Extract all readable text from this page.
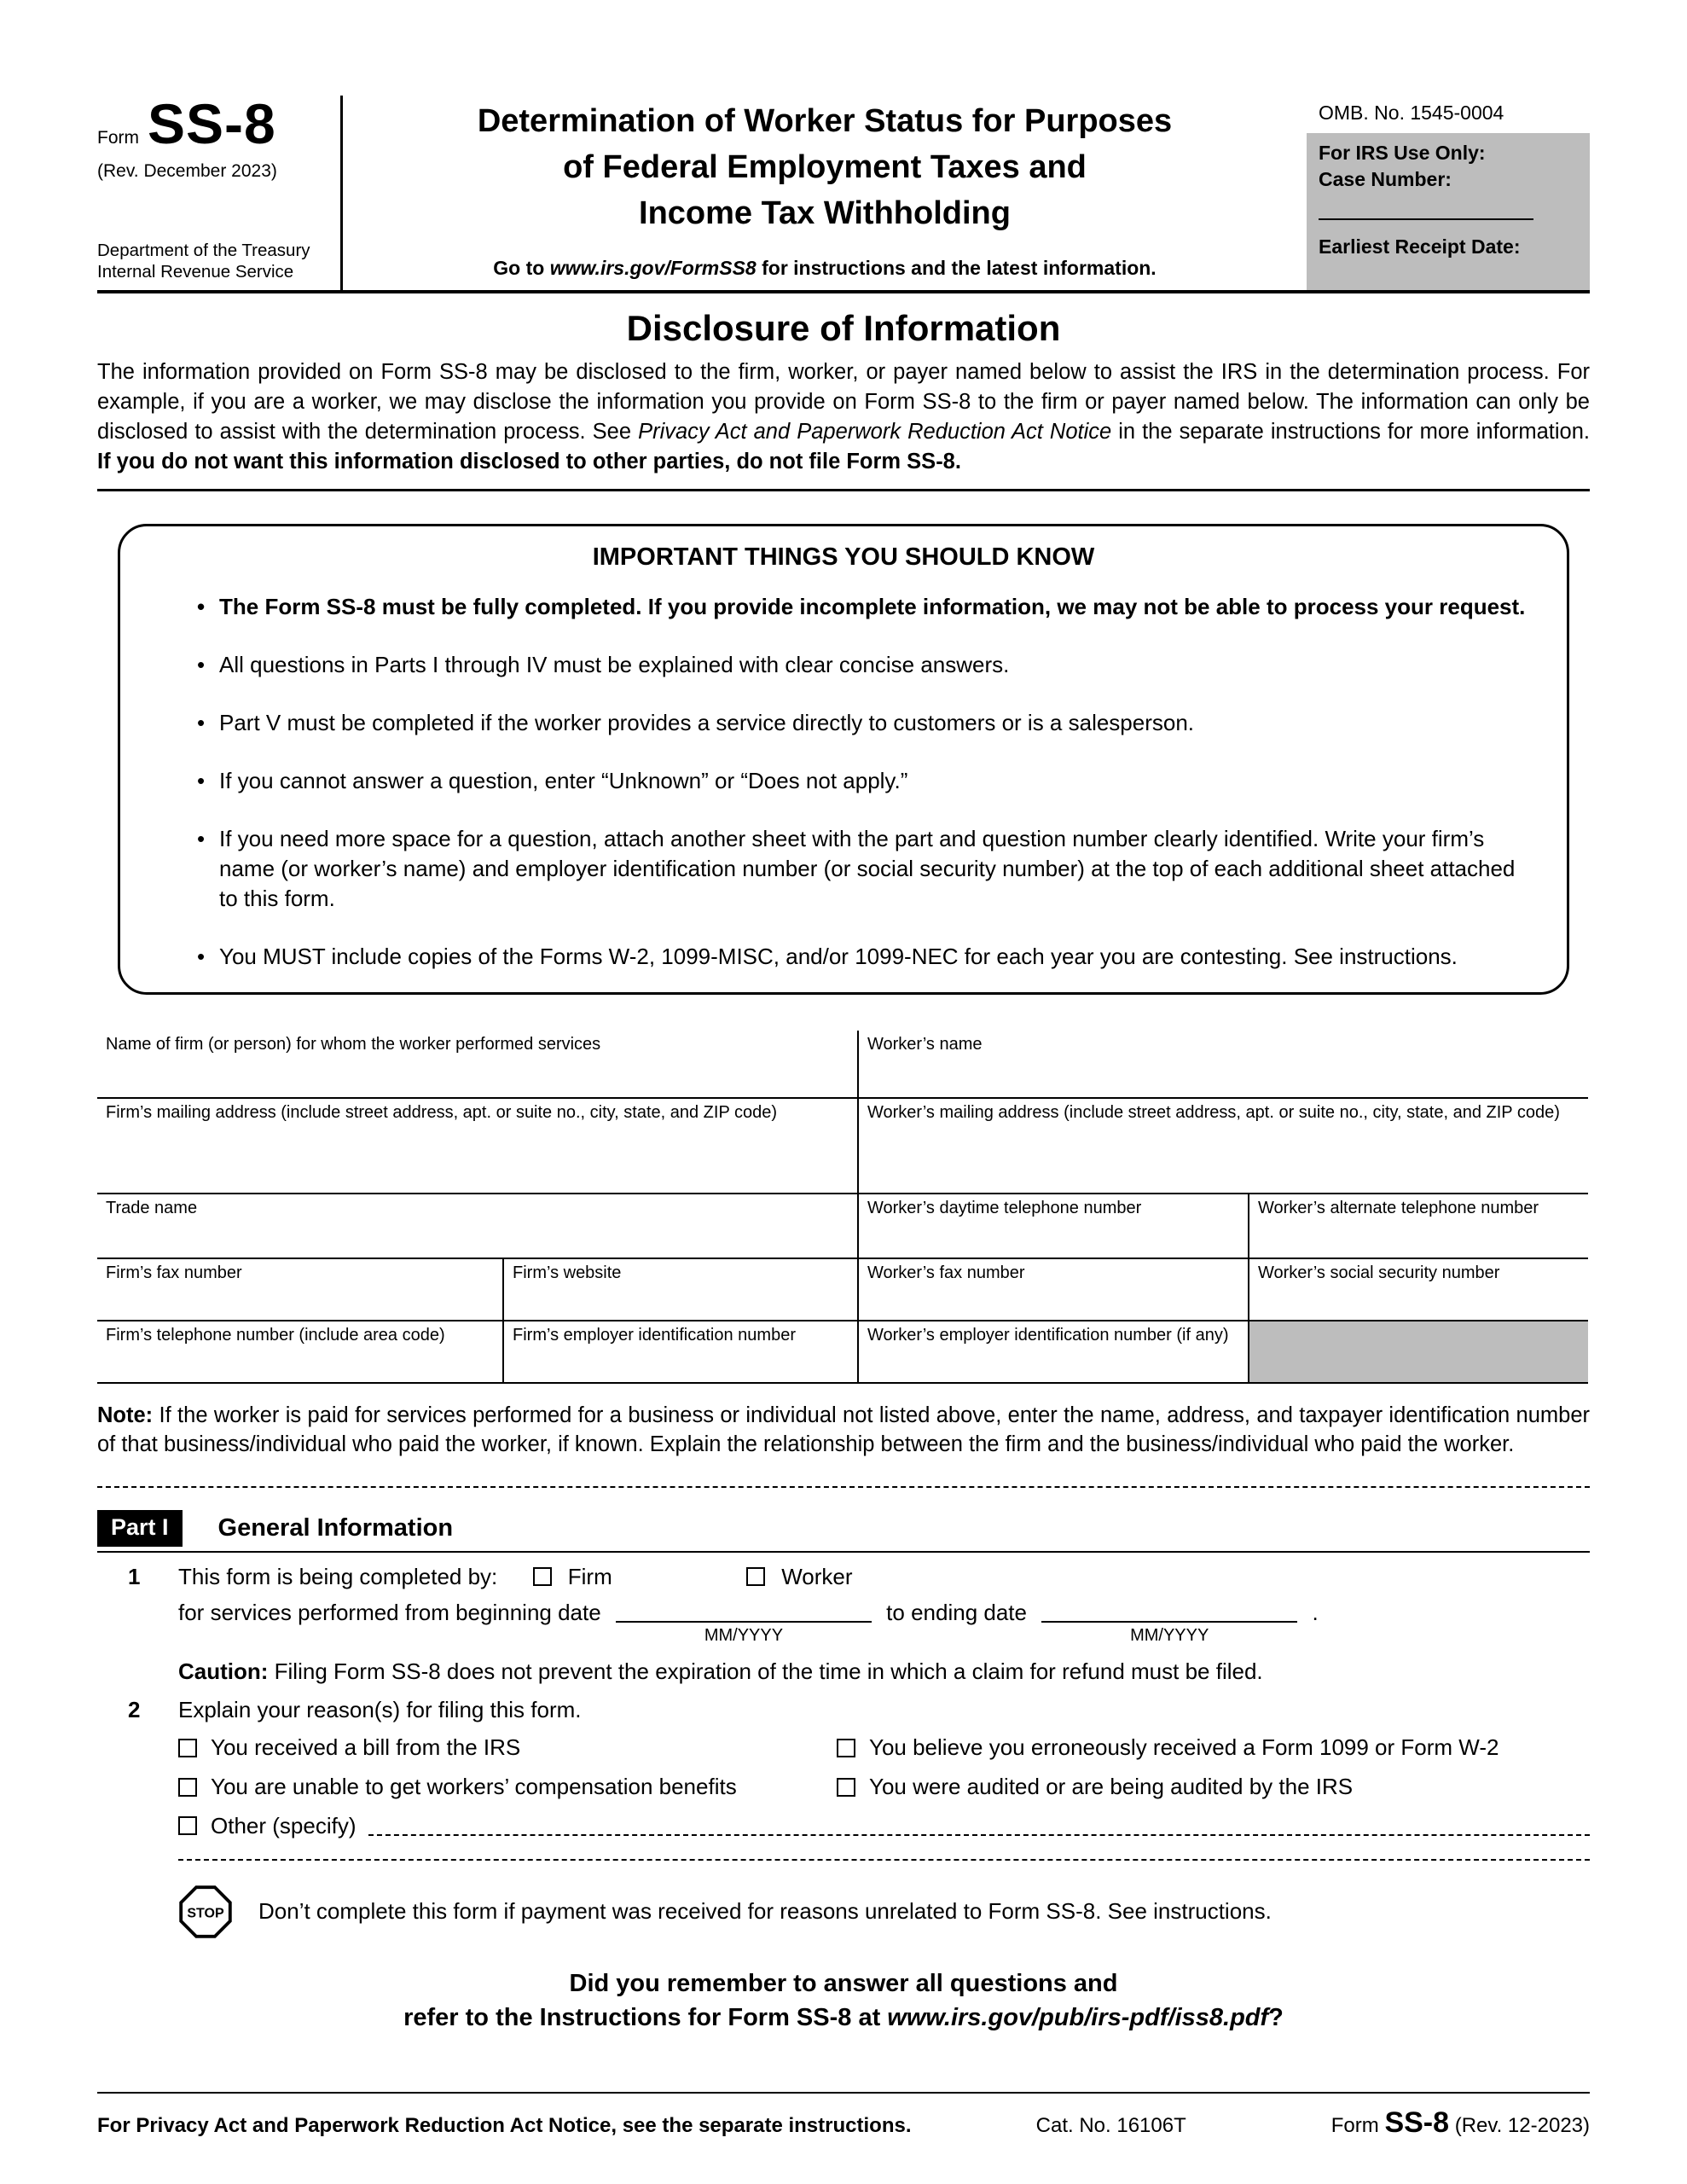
Form SS-8
(Rev. December 2023)
Department of the Treasury
Internal Revenue Service
Determination of Worker Status for Purposes
of Federal Employment Taxes and
Income Tax Withholding
Go to www.irs.gov/FormSS8 for instructions and the latest information.
OMB. No. 1545-0004
For IRS Use Only:
Case Number:
Earliest Receipt Date:
Disclosure of Information

The information provided on Form SS-8 may be disclosed to the firm, worker, or payer named below to assist the IRS in the determination process. For example, if you are a worker, we may disclose the information you provide on Form SS-8 to the firm or payer named below. The information can only be disclosed to assist with the determination process. See Privacy Act and Paperwork Reduction Act Notice in the separate instructions for more information. If you do not want this information disclosed to other parties, do not file Form SS-8.

IMPORTANT THINGS YOU SHOULD KNOW
• The Form SS-8 must be fully completed. If you provide incomplete information, we may not be able to process your request.
• All questions in Parts I through IV must be explained with clear concise answers.
• Part V must be completed if the worker provides a service directly to customers or is a salesperson.
• If you cannot answer a question, enter “Unknown” or “Does not apply.”
• If you need more space for a question, attach another sheet with the part and question number clearly identified. Write your firm’s name (or worker’s name) and employer identification number (or social security number) at the top of each additional sheet attached to this form.
• You MUST include copies of the Forms W-2, 1099-MISC, and/or 1099-NEC for each year you are contesting. See instructions.
Name of firm (or person) for whom the worker performed services	Worker’s name
Firm’s mailing address (include street address, apt. or suite no., city, state, and ZIP code)	Worker’s mailing address (include street address, apt. or suite no., city, state, and ZIP code)
Trade name	Worker’s daytime telephone number	Worker’s alternate telephone number
Firm’s fax number	Firm’s website	Worker’s fax number	Worker’s social security number
Firm’s telephone number (include area code)	Firm’s employer identification number	Worker’s employer identification number (if any)

Note: If the worker is paid for services performed for a business or individual not listed above, enter the name, address, and taxpayer identification number of that business/individual who paid the worker, if known. Explain the relationship between the firm and the business/individual who paid the worker.

Part I	General Information
1	This form is being completed by:	Firm	Worker
for services performed from beginning date
MM/YYYY
to ending date
MM/YYYY
.

Caution: Filing Form SS-8 does not prevent the expiration of the time in which a claim for refund must be filed.

2	Explain your reason(s) for filing this form.
You received a bill from the IRS	You believe you erroneously received a Form 1099 or Form W-2
You are unable to get workers’ compensation benefits	You were audited or are being audited by the IRS
Other (specify)
STOP Don’t complete this form if payment was received for reasons unrelated to Form SS-8. See instructions.
Did you remember to answer all questions and
refer to the Instructions for Form SS-8 at www.irs.gov/pub/irs-pdf/iss8.pdf?
For Privacy Act and Paperwork Reduction Act Notice, see the separate instructions.	Cat. No. 16106T	Form SS-8 (Rev. 12-2023)
